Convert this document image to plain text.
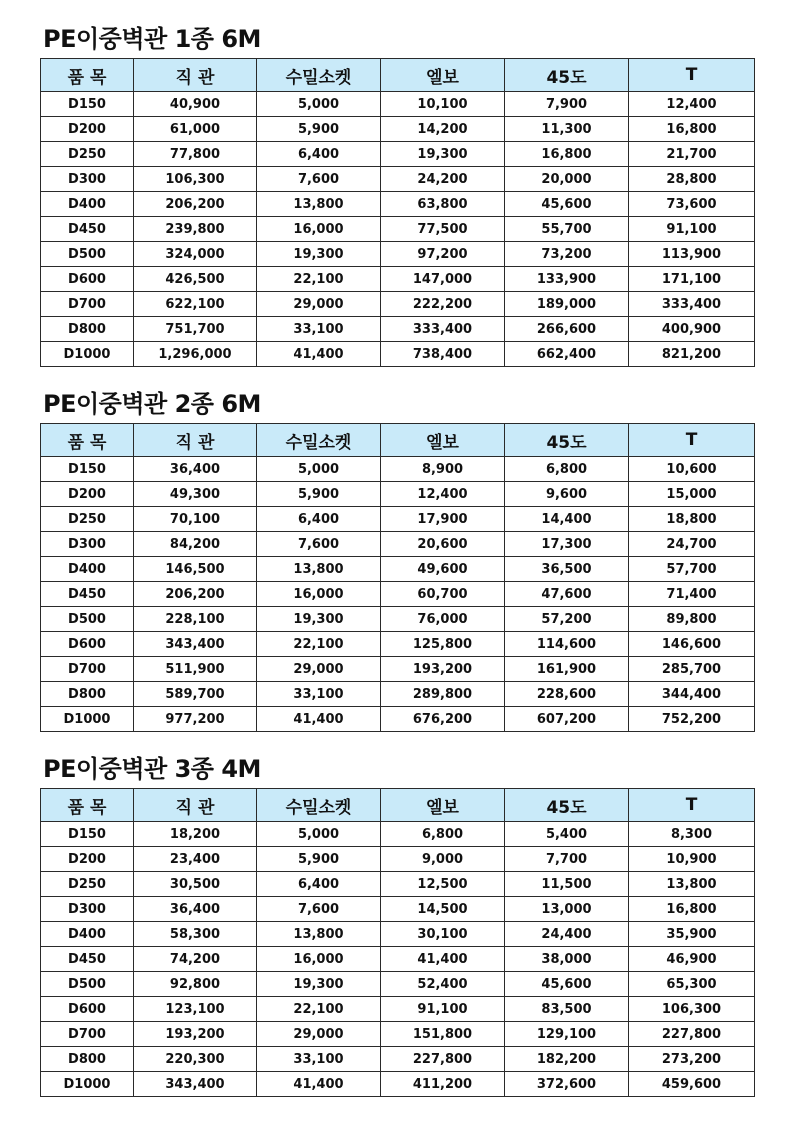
PE이중벽관 1종 6M
품 목	직 관	수밀소켓	엘보	45도	T
D150	40,900	5,000	10,100	7,900	12,400
D200	61,000	5,900	14,200	11,300	16,800
D250	77,800	6,400	19,300	16,800	21,700
D300	106,300	7,600	24,200	20,000	28,800
D400	206,200	13,800	63,800	45,600	73,600
D450	239,800	16,000	77,500	55,700	91,100
D500	324,000	19,300	97,200	73,200	113,900
D600	426,500	22,100	147,000	133,900	171,100
D700	622,100	29,000	222,200	189,000	333,400
D800	751,700	33,100	333,400	266,600	400,900
D1000	1,296,000	41,400	738,400	662,400	821,200
PE이중벽관 2종 6M
품 목	직 관	수밀소켓	엘보	45도	T
D150	36,400	5,000	8,900	6,800	10,600
D200	49,300	5,900	12,400	9,600	15,000
D250	70,100	6,400	17,900	14,400	18,800
D300	84,200	7,600	20,600	17,300	24,700
D400	146,500	13,800	49,600	36,500	57,700
D450	206,200	16,000	60,700	47,600	71,400
D500	228,100	19,300	76,000	57,200	89,800
D600	343,400	22,100	125,800	114,600	146,600
D700	511,900	29,000	193,200	161,900	285,700
D800	589,700	33,100	289,800	228,600	344,400
D1000	977,200	41,400	676,200	607,200	752,200
PE이중벽관 3종 4M
품 목	직 관	수밀소켓	엘보	45도	T
D150	18,200	5,000	6,800	5,400	8,300
D200	23,400	5,900	9,000	7,700	10,900
D250	30,500	6,400	12,500	11,500	13,800
D300	36,400	7,600	14,500	13,000	16,800
D400	58,300	13,800	30,100	24,400	35,900
D450	74,200	16,000	41,400	38,000	46,900
D500	92,800	19,300	52,400	45,600	65,300
D600	123,100	22,100	91,100	83,500	106,300
D700	193,200	29,000	151,800	129,100	227,800
D800	220,300	33,100	227,800	182,200	273,200
D1000	343,400	41,400	411,200	372,600	459,600
